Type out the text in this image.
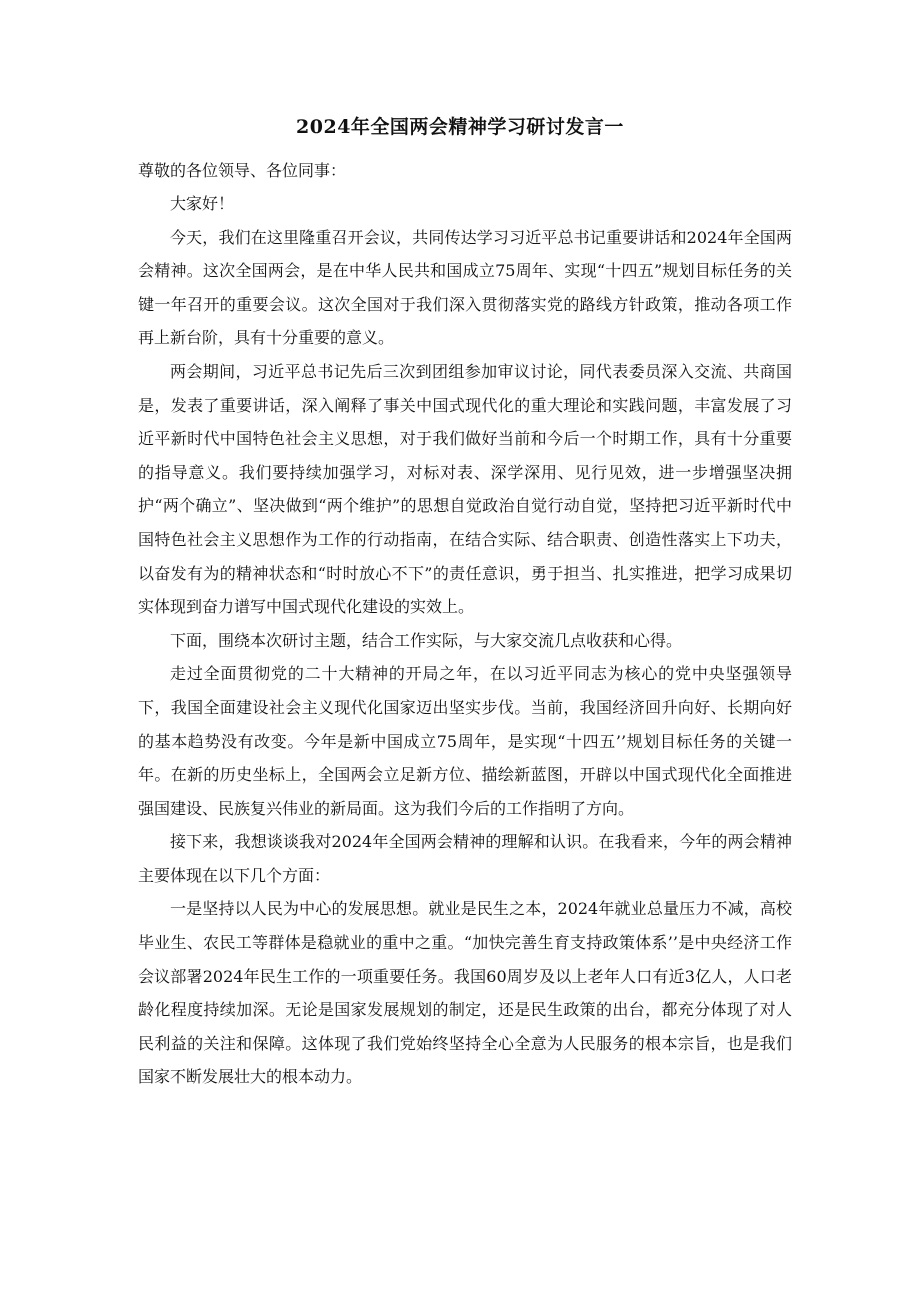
2024年全国两会精神学习研讨发言一

尊敬的各位领导、各位同事：

大家好！

今天，我们在这里隆重召开会议，共同传达学习习近平总书记重要讲话和2024年全国两会精神。这次全国两会，是在中华人民共和国成立75周年、实现“十四五”规划目标任务的关键一年召开的重要会议。这次全国对于我们深入贯彻落实党的路线方针政策，推动各项工作再上新台阶，具有十分重要的意义。

两会期间，习近平总书记先后三次到团组参加审议讨论，同代表委员深入交流、共商国是，发表了重要讲话，深入阐释了事关中国式现代化的重大理论和实践问题，丰富发展了习近平新时代中国特色社会主义思想，对于我们做好当前和今后一个时期工作，具有十分重要的指导意义。我们要持续加强学习，对标对表、深学深用、见行见效，进一步增强坚决拥护“两个确立”、坚决做到“两个维护”的思想自觉政治自觉行动自觉，坚持把习近平新时代中国特色社会主义思想作为工作的行动指南，在结合实际、结合职责、创造性落实上下功夫，以奋发有为的精神状态和“时时放心不下”的责任意识，勇于担当、扎实推进，把学习成果切实体现到奋力谱写中国式现代化建设的实效上。

下面，围绕本次研讨主题，结合工作实际，与大家交流几点收获和心得。

走过全面贯彻党的二十大精神的开局之年，在以习近平同志为核心的党中央坚强领导下，我国全面建设社会主义现代化国家迈出坚实步伐。当前，我国经济回升向好、长期向好的基本趋势没有改变。今年是新中国成立75周年，是实现“十四五’’规划目标任务的关键一年。在新的历史坐标上，全国两会立足新方位、描绘新蓝图，开辟以中国式现代化全面推进强国建设、民族复兴伟业的新局面。这为我们今后的工作指明了方向。

接下来，我想谈谈我对2024年全国两会精神的理解和认识。在我看来，今年的两会精神主要体现在以下几个方面：

一是坚持以人民为中心的发展思想。就业是民生之本，2024年就业总量压力不减，高校毕业生、农民工等群体是稳就业的重中之重。“加快完善生育支持政策体系’’是中央经济工作会议部署2024年民生工作的一项重要任务。我国60周岁及以上老年人口有近3亿人，人口老龄化程度持续加深。无论是国家发展规划的制定，还是民生政策的出台，都充分体现了对人民利益的关注和保障。这体现了我们党始终坚持全心全意为人民服务的根本宗旨，也是我们国家不断发展壮大的根本动力。
